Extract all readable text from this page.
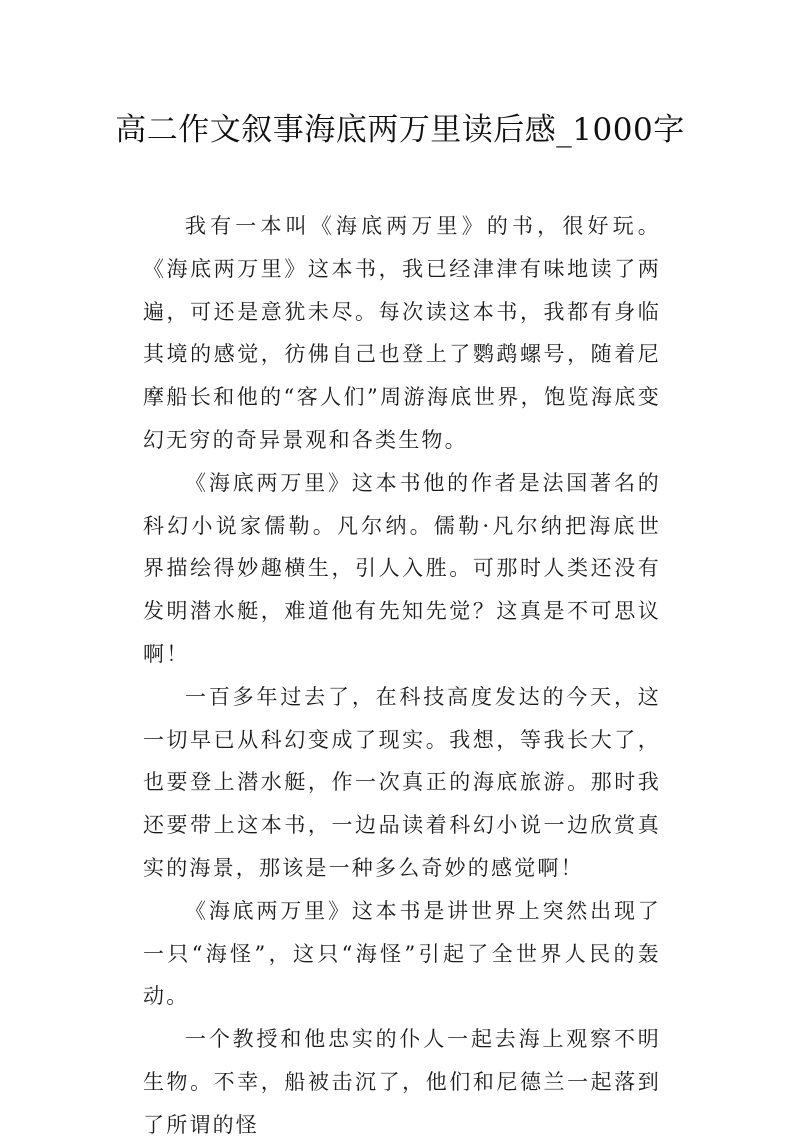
高二作文叙事海底两万里读后感_1000字

我有一本叫《海底两万里》的书，很好玩。《海底两万里》这本书，我已经津津有味地读了两遍，可还是意犹未尽。每次读这本书，我都有身临其境的感觉，彷佛自己也登上了鹦鹉螺号，随着尼摩船长和他的“客人们”周游海底世界，饱览海底变幻无穷的奇异景观和各类生物。

《海底两万里》这本书他的作者是法国著名的科幻小说家儒勒。凡尔纳。儒勒·凡尔纳把海底世界描绘得妙趣横生，引人入胜。可那时人类还没有发明潜水艇，难道他有先知先觉？这真是不可思议啊！

一百多年过去了，在科技高度发达的今天，这一切早已从科幻变成了现实。我想，等我长大了，也要登上潜水艇，作一次真正的海底旅游。那时我还要带上这本书，一边品读着科幻小说一边欣赏真实的海景，那该是一种多么奇妙的感觉啊！

《海底两万里》这本书是讲世界上突然出现了一只“海怪”，这只“海怪”引起了全世界人民的轰动。

一个教授和他忠实的仆人一起去海上观察不明生物。不幸，船被击沉了，他们和尼德兰一起落到了所谓的怪
